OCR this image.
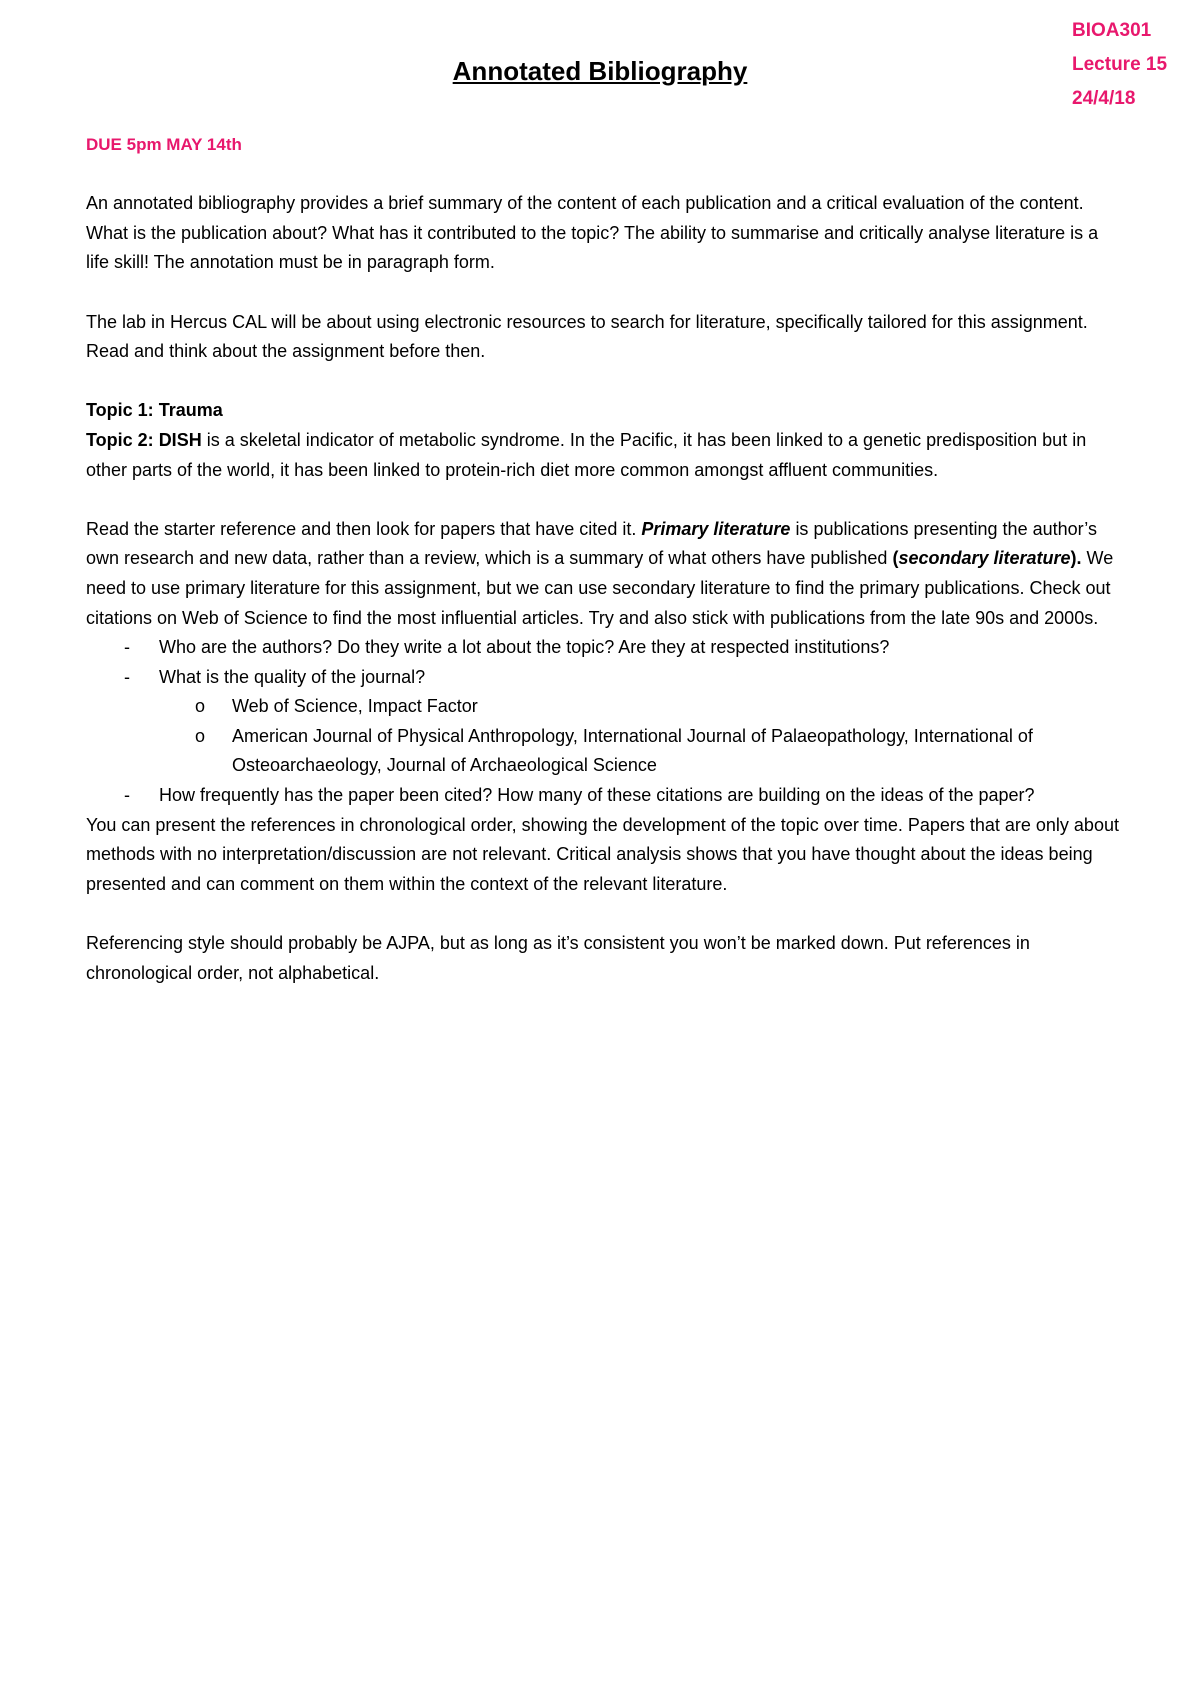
BIOA301
Lecture 15
24/4/18
Annotated Bibliography

DUE 5pm MAY 14th

An annotated bibliography provides a brief summary of the content of each publication and a critical evaluation of the content. What is the publication about? What has it contributed to the topic? The ability to summarise and critically analyse literature is a life skill! The annotation must be in paragraph form.

The lab in Hercus CAL will be about using electronic resources to search for literature, specifically tailored for this assignment. Read and think about the assignment before then.

Topic 1: Trauma

Topic 2: DISH is a skeletal indicator of metabolic syndrome. In the Pacific, it has been linked to a genetic predisposition but in other parts of the world, it has been linked to protein-rich diet more common amongst affluent communities.

Read the starter reference and then look for papers that have cited it. Primary literature is publications presenting the author’s own research and new data, rather than a review, which is a summary of what others have published (secondary literature). We need to use primary literature for this assignment, but we can use secondary literature to find the primary publications. Check out citations on Web of Science to find the most influential articles. Try and also stick with publications from the late 90s and 2000s.

- Who are the authors? Do they write a lot about the topic? Are they at respected institutions?
- What is the quality of the journal?
o Web of Science, Impact Factor
o American Journal of Physical Anthropology, International Journal of Palaeopathology, International of Osteoarchaeology, Journal of Archaeological Science
- How frequently has the paper been cited? How many of these citations are building on the ideas of the paper?

You can present the references in chronological order, showing the development of the topic over time. Papers that are only about methods with no interpretation/discussion are not relevant. Critical analysis shows that you have thought about the ideas being presented and can comment on them within the context of the relevant literature.

Referencing style should probably be AJPA, but as long as it’s consistent you won’t be marked down. Put references in chronological order, not alphabetical.
